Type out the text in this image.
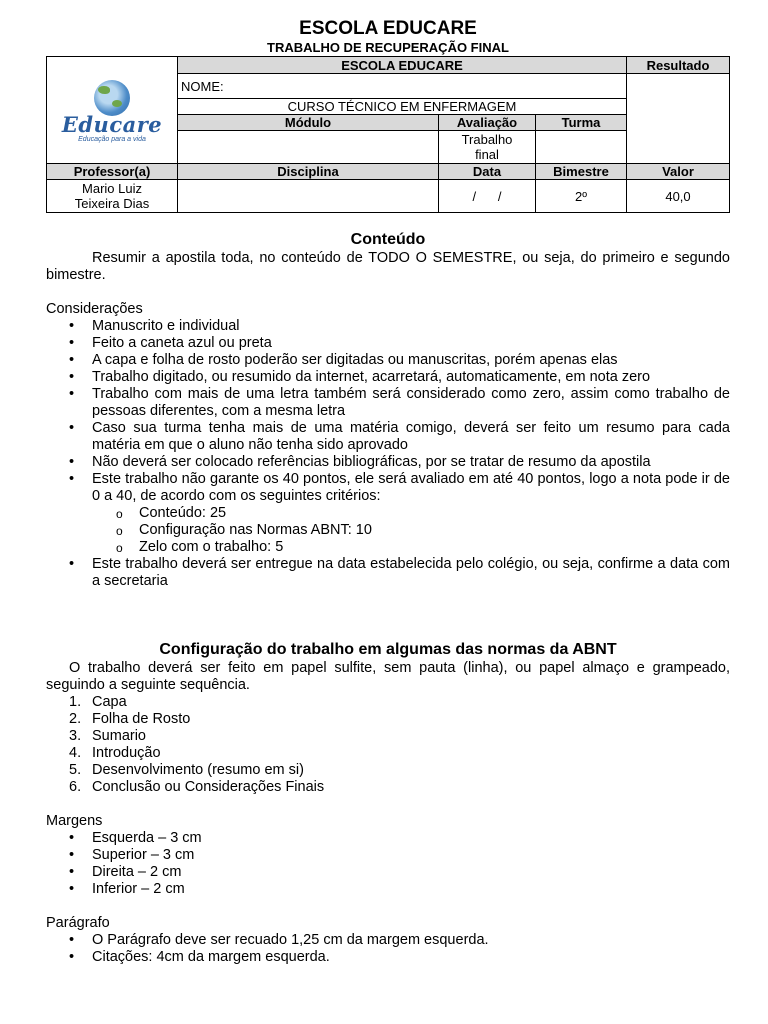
ESCOLA EDUCARE
TRABALHO DE RECUPERAÇÃO FINAL
Educare
Educação para a vida	ESCOLA EDUCARE			Resultado
	NOME:			
	CURSO TÉCNICO EM ENFERMAGEM			
	Módulo	Avaliação	Turma	

		Trabalho
final		

Professor(a)	Disciplina	Data	Bimestre	Valor

Mario Luiz
Teixeira Dias		/      /	2º	40,0
Conteúdo

Resumir a apostila toda, no conteúdo de TODO O SEMESTRE, ou seja, do primeiro e segundo bimestre.

Considerações

• Manuscrito e individual
• Feito a caneta azul ou preta
• A capa e folha de rosto poderão ser digitadas ou manuscritas, porém apenas elas
• Trabalho digitado, ou resumido da internet, acarretará, automaticamente, em nota zero
• Trabalho com mais de uma letra também será considerado como zero, assim como trabalho de pessoas diferentes, com a mesma letra
• Caso sua turma tenha mais de uma matéria comigo, deverá ser feito um resumo para cada matéria em que o aluno não tenha sido aprovado
• Não deverá ser colocado referências bibliográficas, por se tratar de resumo da apostila
• Este trabalho não garante os 40 pontos, ele será avaliado em até 40 pontos, logo a nota pode ir de 0 a 40, de acordo com os seguintes critérios:
o Conteúdo: 25
o Configuração nas Normas ABNT: 10
o Zelo com o trabalho: 5
• Este trabalho deverá ser entregue na data estabelecida pelo colégio, ou seja, confirme a data com a secretaria
Configuração do trabalho em algumas das normas da ABNT

O trabalho deverá ser feito em papel sulfite, sem pauta (linha), ou papel almaço e grampeado, seguindo a seguinte sequência.

1. Capa
2. Folha de Rosto
3. Sumario
4. Introdução
5. Desenvolvimento (resumo em si)
6. Conclusão ou Considerações Finais

Margens

• Esquerda – 3 cm
• Superior – 3 cm
• Direita – 2 cm
• Inferior – 2 cm

Parágrafo

• O Parágrafo deve ser recuado 1,25 cm da margem esquerda.
• Citações: 4cm da margem esquerda.
